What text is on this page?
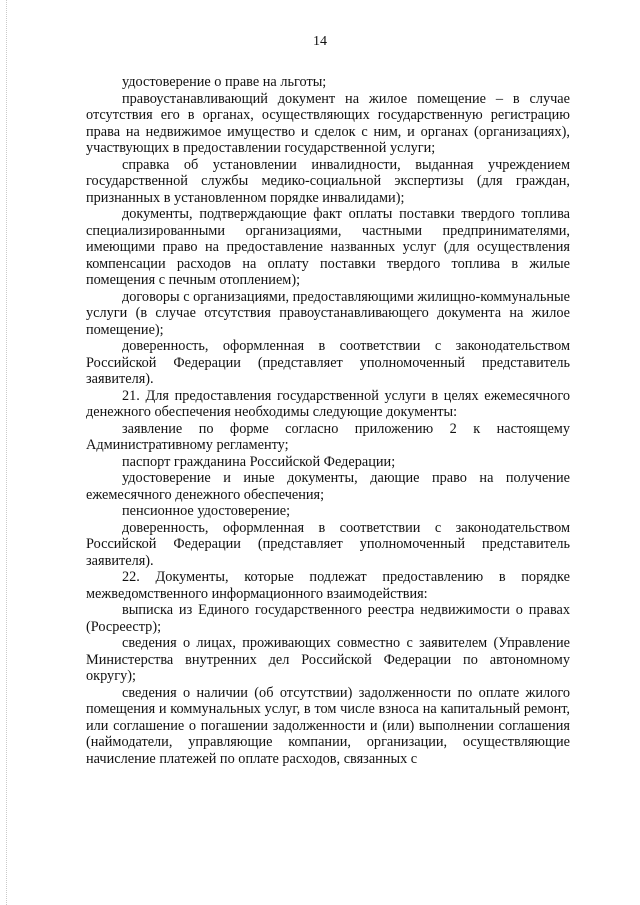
14

удостоверение о праве на льготы;

правоустанавливающий документ на жилое помещение – в случае отсутствия его в органах, осуществляющих государственную регистрацию права на недвижимое имущество и сделок с ним, и органах (организациях), участвующих в предоставлении государственной услуги;

справка об установлении инвалидности, выданная учреждением государственной службы медико-социальной экспертизы (для граждан, признанных в установленном порядке инвалидами);

документы, подтверждающие факт оплаты поставки твердого топлива специализированными организациями, частными предпринимателями, имеющими право на предоставление названных услуг (для осуществления компенсации расходов на оплату поставки твердого топлива в жилые помещения с печным отоплением);

договоры с организациями, предоставляющими жилищно-коммунальные услуги (в случае отсутствия правоустанавливающего документа на жилое помещение);

доверенность, оформленная в соответствии с законодательством Российской Федерации (представляет уполномоченный представитель заявителя).

21. Для предоставления государственной услуги в целях ежемесячного денежного обеспечения необходимы следующие документы:

заявление по форме согласно приложению 2 к настоящему Административному регламенту;

паспорт гражданина Российской Федерации;

удостоверение и иные документы, дающие право на получение ежемесячного денежного обеспечения;

пенсионное удостоверение;

доверенность, оформленная в соответствии с законодательством Российской Федерации (представляет уполномоченный представитель заявителя).

22. Документы, которые подлежат предоставлению в порядке межведомственного информационного взаимодействия:

выписка из Единого государственного реестра недвижимости о правах (Росреестр);

сведения о лицах, проживающих совместно с заявителем (Управление Министерства внутренних дел Российской Федерации по автономному округу);

сведения о наличии (об отсутствии) задолженности по оплате жилого помещения и коммунальных услуг, в том числе взноса на капитальный ремонт, или соглашение о погашении задолженности и (или) выполнении соглашения (наймодатели, управляющие компании, организации, осуществляющие начисление платежей по оплате расходов, связанных с
